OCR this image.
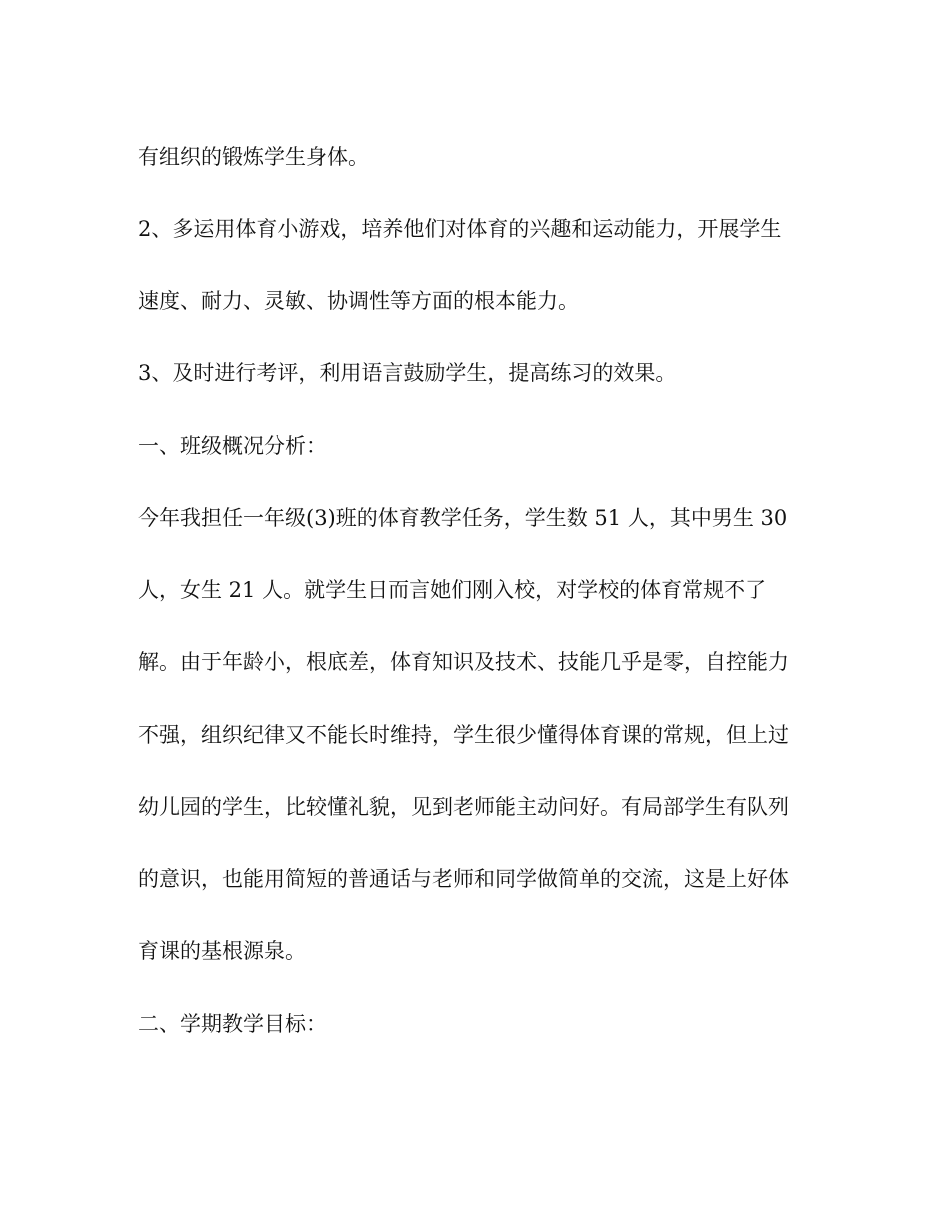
有组织的锻炼学生身体。

2、多运用体育小游戏，培养他们对体育的兴趣和运动能力，开展学生

速度、耐力、灵敏、协调性等方面的根本能力。

3、及时进行考评，利用语言鼓励学生，提高练习的效果。

一、班级概况分析：

今年我担任一年级(3)班的体育教学任务，学生数 51 人，其中男生 30

人，女生 21 人。就学生日而言她们刚入校，对学校的体育常规不了

解。由于年龄小，根底差，体育知识及技术、技能几乎是零，自控能力

不强，组织纪律又不能长时维持，学生很少懂得体育课的常规，但上过

幼儿园的学生，比较懂礼貌，见到老师能主动问好。有局部学生有队列

的意识，也能用简短的普通话与老师和同学做简单的交流，这是上好体

育课的基根源泉。

二、学期教学目标：
